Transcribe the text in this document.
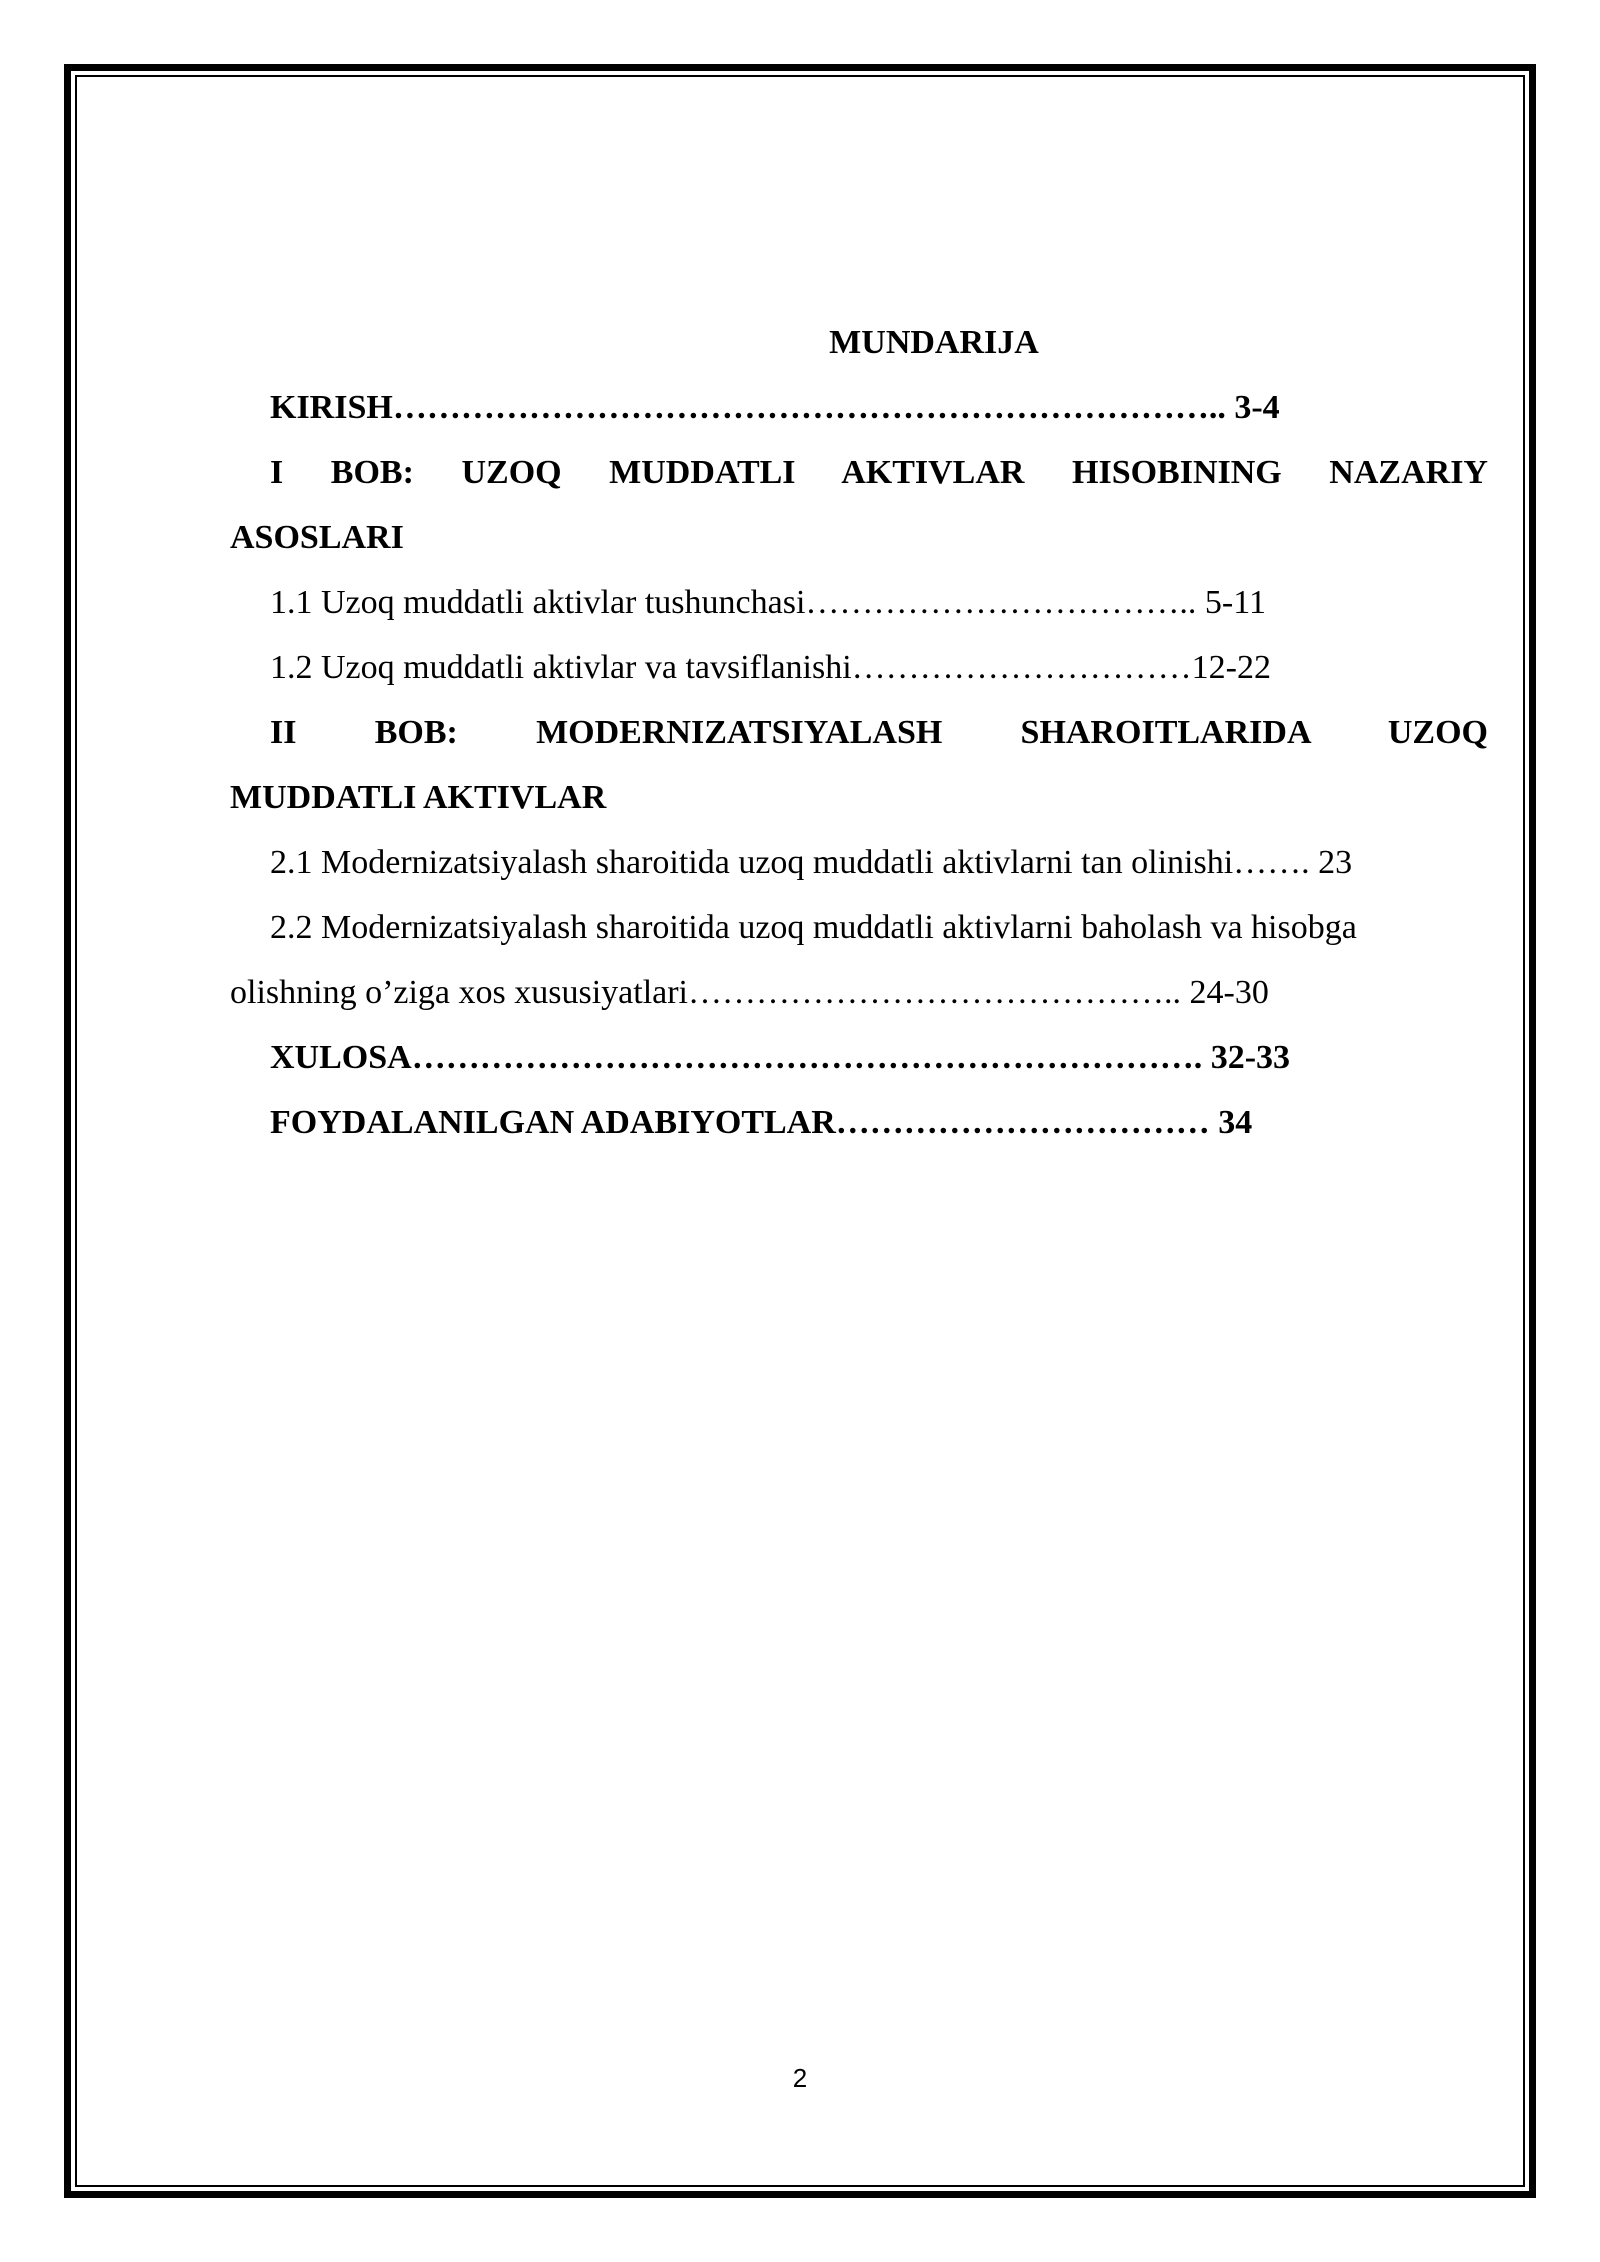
MUNDARIJA

KIRISH……………………………………………………………….. 3-4

I BOB: UZOQ MUDDATLI AKTIVLAR HISOBINING NAZARIY

ASOSLARI

1.1 Uzoq muddatli aktivlar tushunchasi…………………………….. 5-11

1.2 Uzoq muddatli aktivlar va tavsiflanishi…………………………12-22

II BOB: MODERNIZATSIYALASH SHAROITLARIDA UZOQ

MUDDATLI AKTIVLAR

2.1 Modernizatsiyalash sharoitida uzoq muddatli aktivlarni tan olinishi……. 23

2.2 Modernizatsiyalash sharoitida uzoq muddatli aktivlarni baholash va hisobga

olishning o’ziga xos xususiyatlari…………………………………….. 24-30

XULOSA……………………………………………………………. 32-33

FOYDALANILGAN ADABIYOTLAR…………………………… 34

2
